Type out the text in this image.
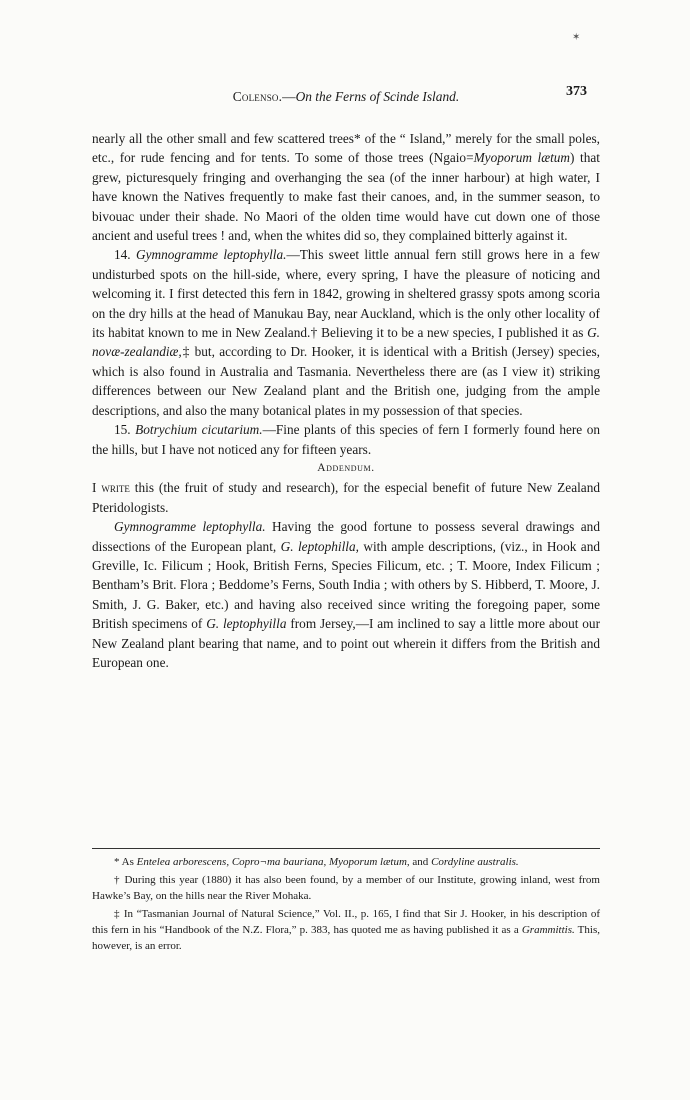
✶
Colenso.—On the Ferns of Scinde Island.	373

nearly all the other small and few scattered trees* of the “ Island,” merely for the small poles, etc., for rude fencing and for tents. To some of those trees (Ngaio=Myoporum lætum) that grew, picturesquely fringing and overhanging the sea (of the inner harbour) at high water, I have known the Natives frequently to make fast their canoes, and, in the summer season, to bivouac under their shade. No Maori of the olden time would have cut down one of those ancient and useful trees ! and, when the whites did so, they complained bitterly against it.

14. Gymnogramme leptophylla.—This sweet little annual fern still grows here in a few undisturbed spots on the hill-side, where, every spring, I have the pleasure of noticing and welcoming it. I first detected this fern in 1842, growing in sheltered grassy spots among scoria on the dry hills at the head of Manukau Bay, near Auckland, which is the only other locality of its habitat known to me in New Zealand.† Believing it to be a new species, I published it as G. novæ-zealandiæ,‡ but, according to Dr. Hooker, it is identical with a British (Jersey) species, which is also found in Australia and Tasmania. Nevertheless there are (as I view it) striking differences between our New Zealand plant and the British one, judging from the ample descriptions, and also the many botanical plates in my possession of that species.

15. Botrychium cicutarium.—Fine plants of this species of fern I formerly found here on the hills, but I have not noticed any for fifteen years.

Addendum.

I write this (the fruit of study and research), for the especial benefit of future New Zealand Pteridologists.

Gymnogramme leptophylla. Having the good fortune to possess several drawings and dissections of the European plant, G. leptophilla, with ample descriptions, (viz., in Hook and Greville, Ic. Filicum ; Hook, British Ferns, Species Filicum, etc. ; T. Moore, Index Filicum ; Bentham’s Brit. Flora ; Beddome’s Ferns, South India ; with others by S. Hibberd, T. Moore, J. Smith, J. G. Baker, etc.) and having also received since writing the foregoing paper, some British specimens of G. leptophyilla from Jersey,—I am inclined to say a little more about our New Zealand plant bearing that name, and to point out wherein it differs from the British and European one.

* As Entelea arborescens, Copro¬ma bauriana, Myoporum lætum, and Cordyline australis.

† During this year (1880) it has also been found, by a member of our Institute, growing inland, west from Hawke’s Bay, on the hills near the River Mohaka.

‡ In “Tasmanian Journal of Natural Science,” Vol. II., p. 165, I find that Sir J. Hooker, in his description of this fern in his “Handbook of the N.Z. Flora,” p. 383, has quoted me as having published it as a Grammittis. This, however, is an error.
